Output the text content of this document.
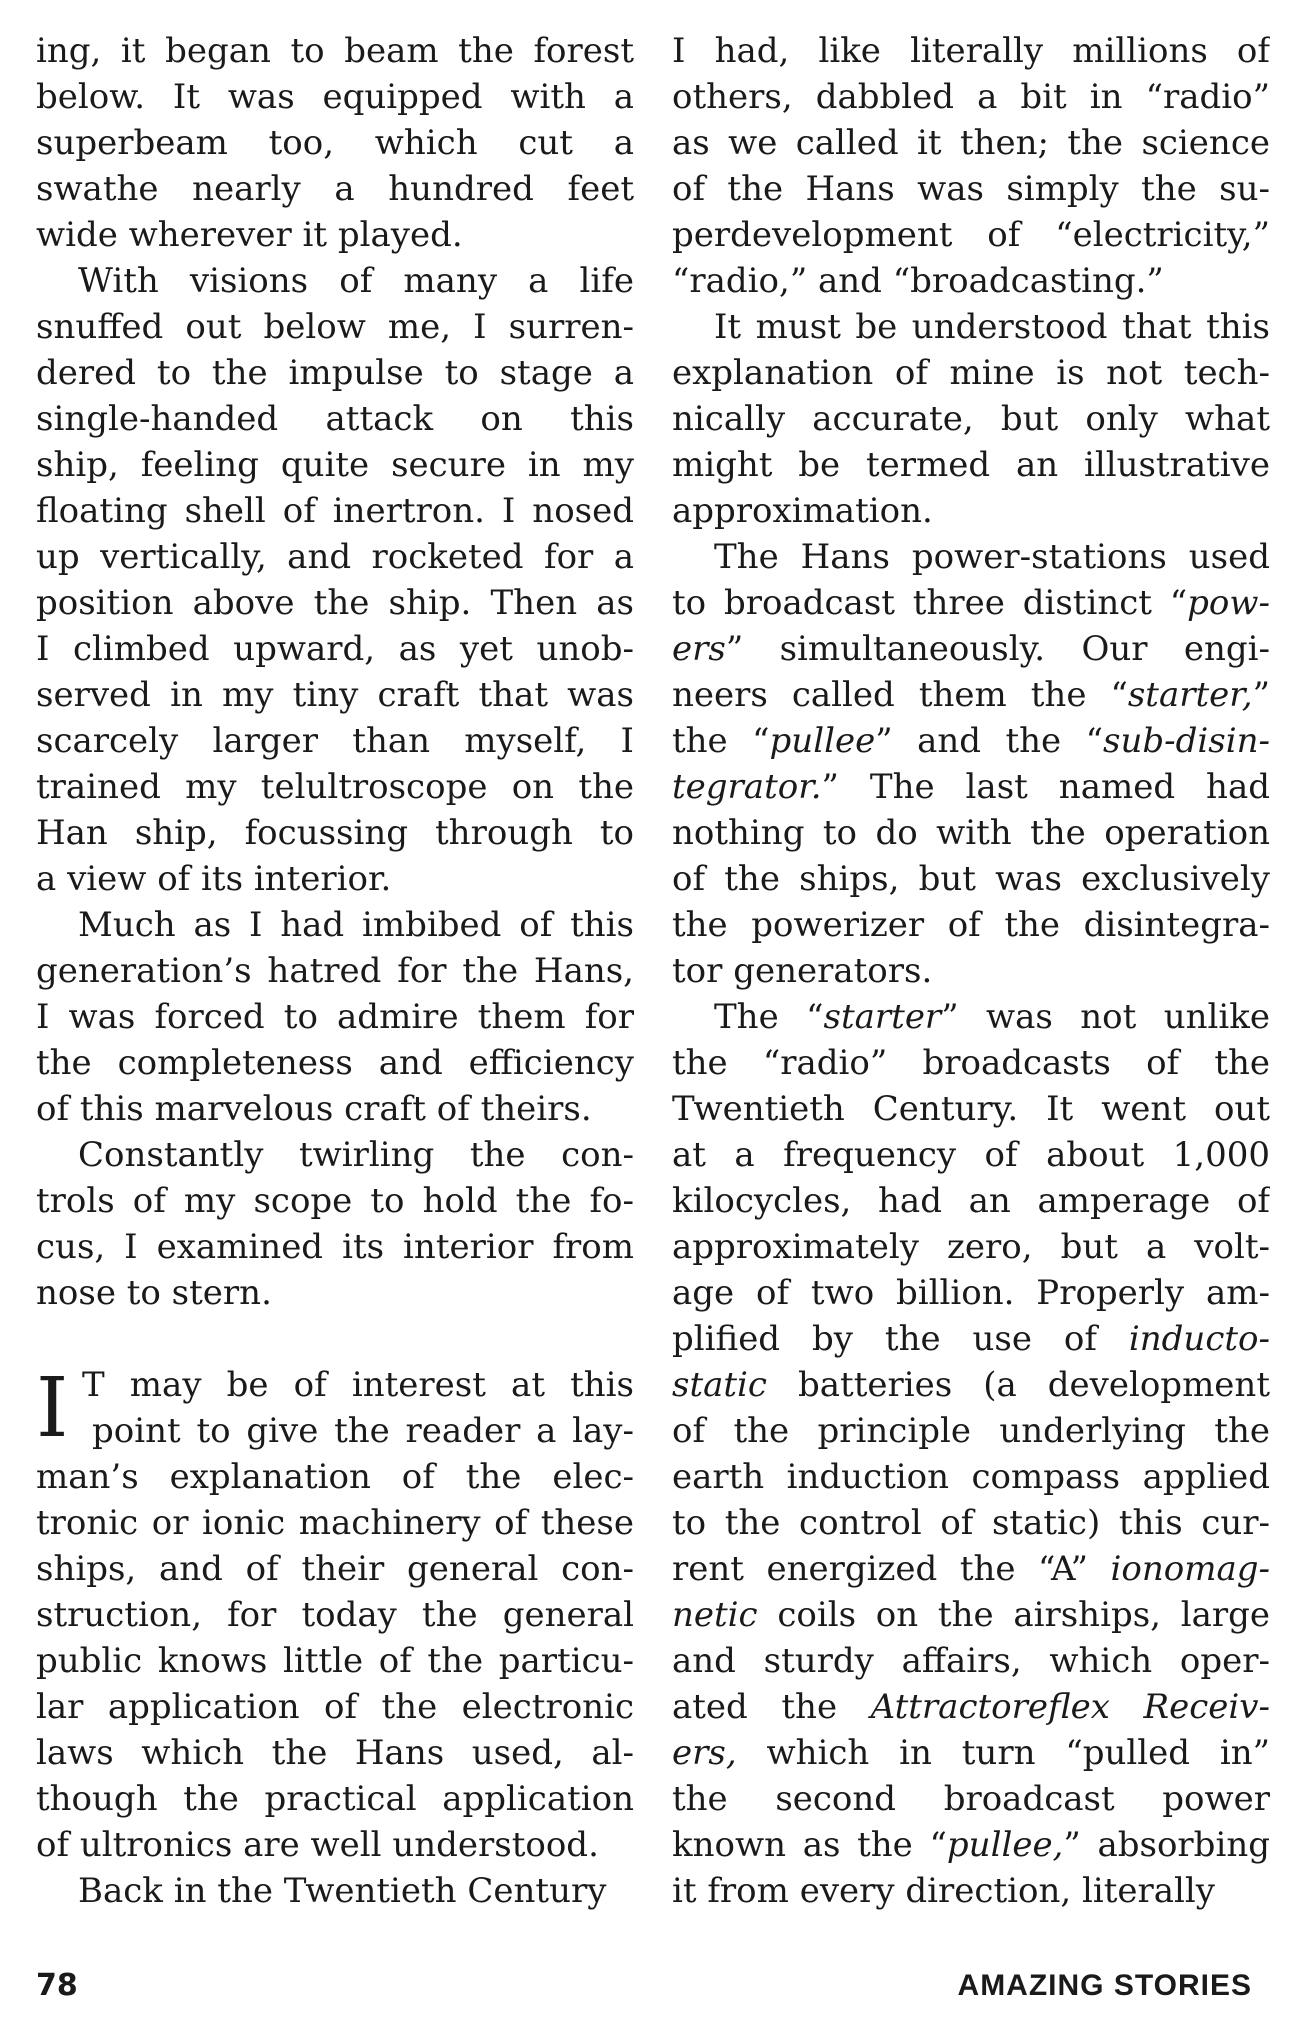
ing, it began to beam the forest
below. It was equipped with a
superbeam too, which cut a
swathe nearly a hundred feet
wide wherever it played.
With visions of many a life
snuffed out below me, I surren-
dered to the impulse to stage a
single-handed attack on this
ship, feeling quite secure in my
floating shell of inertron. I nosed
up vertically, and rocketed for a
position above the ship. Then as
I climbed upward, as yet unob-
served in my tiny craft that was
scarcely larger than myself, I
trained my telultroscope on the
Han ship, focussing through to
a view of its interior.
Much as I had imbibed of this
generation’s hatred for the Hans,
I was forced to admire them for
the completeness and efficiency
of this marvelous craft of theirs.
Constantly twirling the con-
trols of my scope to hold the fo-
cus, I examined its interior from
nose to stern.
T may be of interest at this
point to give the reader a lay-
man’s explanation of the elec-
tronic or ionic machinery of these
ships, and of their general con-
struction, for today the general
public knows little of the particu-
lar application of the electronic
laws which the Hans used, al-
though the practical application
of ultronics are well understood.
Back in the Twentieth Century
I
I had, like literally millions of
others, dabbled a bit in “radio”
as we called it then; the science
of the Hans was simply the su-
perdevelopment of “electricity,”
“radio,” and “broadcasting.”
It must be understood that this
explanation of mine is not tech-
nically accurate, but only what
might be termed an illustrative
approximation.
The Hans power-stations used
to broadcast three distinct “pow-
ers” simultaneously. Our engi-
neers called them the “starter,”
the “pullee” and the “sub-disin-
tegrator.” The last named had
nothing to do with the operation
of the ships, but was exclusively
the powerizer of the disintegra-
tor generators.
The “starter” was not unlike
the “radio” broadcasts of the
Twentieth Century. It went out
at a frequency of about 1,000
kilocycles, had an amperage of
approximately zero, but a volt-
age of two billion. Properly am-
plified by the use of inducto-
static batteries (a development
of the principle underlying the
earth induction compass applied
to the control of static) this cur-
rent energized the “A” ionomag-
netic coils on the airships, large
and sturdy affairs, which oper-
ated the Attractoreflex Receiv-
ers, which in turn “pulled in”
the second broadcast power
known as the “pullee,” absorbing
it from every direction, literally
78	AMAZING STORIES
